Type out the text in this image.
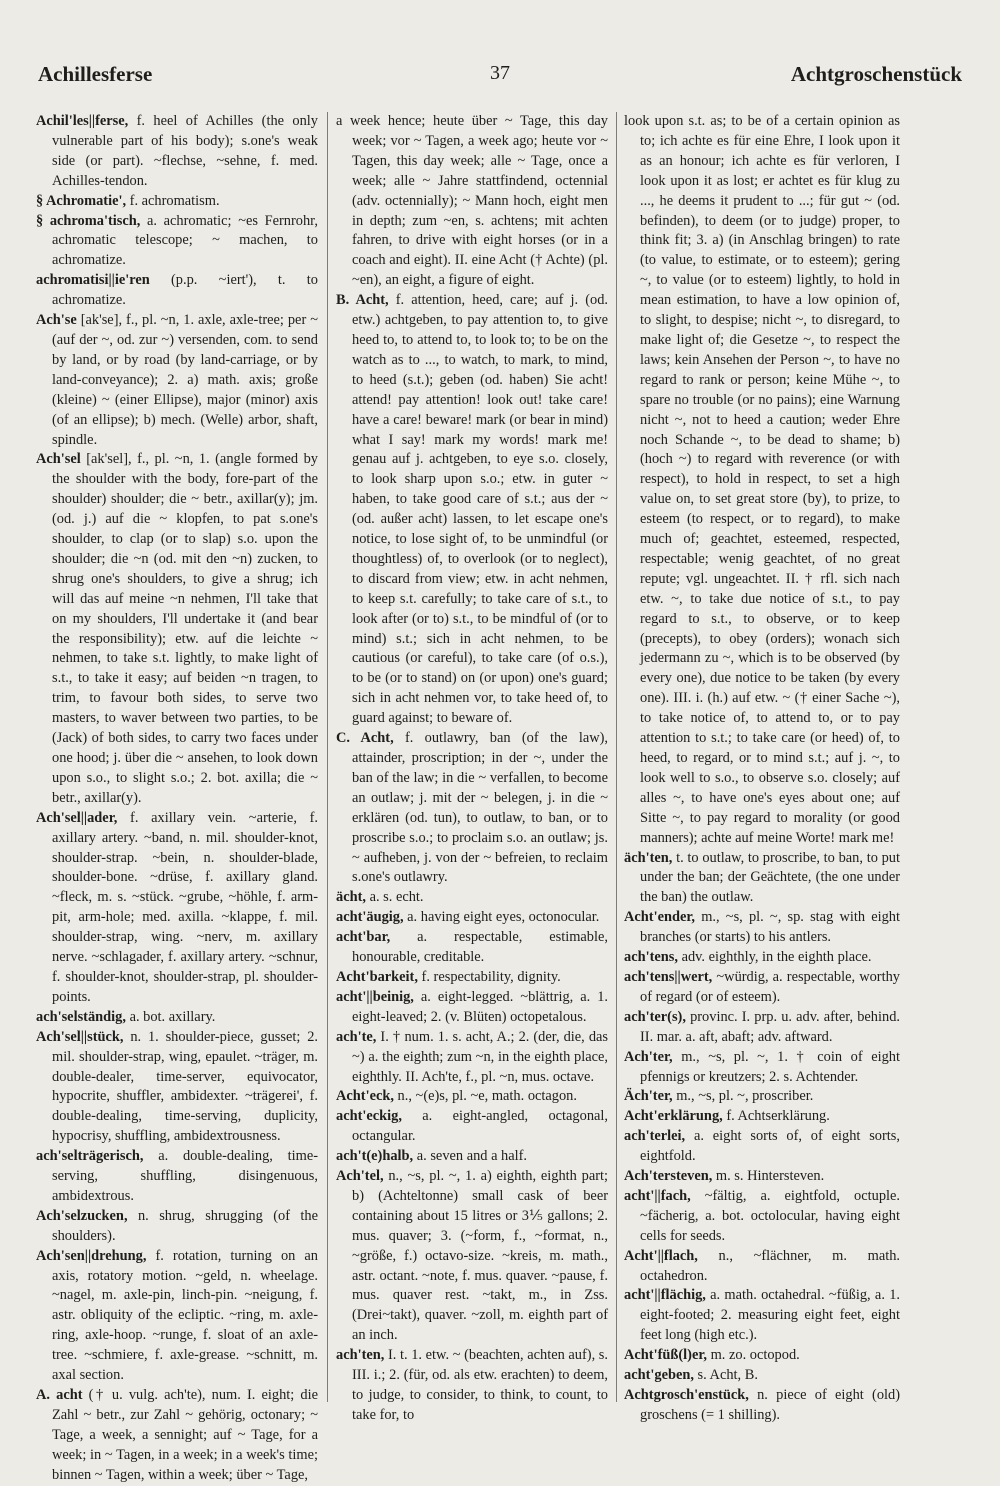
Achillesferse	37	Achtgroschenstück

Achil'les||ferse, f. heel of Achilles (the only vulnerable part of his body); s.one's weak side (or part). ~flechse, ~sehne, f. med. Achilles-tendon.

§ Achromatie', f. achromatism.

§ achroma'tisch, a. achromatic; ~es Fernrohr, achromatic telescope; ~ machen, to achromatize.

achromatisi||ie'ren (p.p. ~iert'), t. to achromatize.

Ach'se [ak'se], f., pl. ~n, 1. axle, axle-tree; per ~ (auf der ~, od. zur ~) versenden, com. to send by land, or by road (by land-carriage, or by land-conveyance); 2. a) math. axis; große (kleine) ~ (einer Ellipse), major (minor) axis (of an ellipse); b) mech. (Welle) arbor, shaft, spindle.

Ach'sel [ak'sel], f., pl. ~n, 1. (angle formed by the shoulder with the body, fore-part of the shoulder) shoulder; die ~ betr., axillar(y); jm. (od. j.) auf die ~ klopfen, to pat s.one's shoulder, to clap (or to slap) s.o. upon the shoulder; die ~n (od. mit den ~n) zucken, to shrug one's shoulders, to give a shrug; ich will das auf meine ~n nehmen, I'll take that on my shoulders, I'll undertake it (and bear the responsibility); etw. auf die leichte ~ nehmen, to take s.t. lightly, to make light of s.t., to take it easy; auf beiden ~n tragen, to trim, to favour both sides, to serve two masters, to waver between two parties, to be (Jack) of both sides, to carry two faces under one hood; j. über die ~ ansehen, to look down upon s.o., to slight s.o.; 2. bot. axilla; die ~ betr., axillar(y).

Ach'sel||ader, f. axillary vein. ~arterie, f. axillary artery. ~band, n. mil. shoulder-knot, shoulder-strap. ~bein, n. shoulder-blade, shoulder-bone. ~drüse, f. axillary gland. ~fleck, m. s. ~stück. ~grube, ~höhle, f. arm-pit, arm-hole; med. axilla. ~klappe, f. mil. shoulder-strap, wing. ~nerv, m. axillary nerve. ~schlagader, f. axillary artery. ~schnur, f. shoulder-knot, shoulder-strap, pl. shoulder-points.

ach'selständig, a. bot. axillary.

Ach'sel||stück, n. 1. shoulder-piece, gusset; 2. mil. shoulder-strap, wing, epaulet. ~träger, m. double-dealer, time-server, equivocator, hypocrite, shuffler, ambidexter. ~trägerei', f. double-dealing, time-serving, duplicity, hypocrisy, shuffling, ambidextrousness.

ach'selträgerisch, a. double-dealing, time-serving, shuffling, disingenuous, ambidextrous.

Ach'selzucken, n. shrug, shrugging (of the shoulders).

Ach'sen||drehung, f. rotation, turning on an axis, rotatory motion. ~geld, n. wheelage. ~nagel, m. axle-pin, linch-pin. ~neigung, f. astr. obliquity of the ecliptic. ~ring, m. axle-ring, axle-hoop. ~runge, f. sloat of an axle-tree. ~schmiere, f. axle-grease. ~schnitt, m. axal section.

A. acht († u. vulg. ach'te), num. I. eight; die Zahl ~ betr., zur Zahl ~ gehörig, octonary; ~ Tage, a week, a sennight; auf ~ Tage, for a week; in ~ Tagen, in a week; in a week's time; binnen ~ Tagen, within a week; über ~ Tage,

a week hence; heute über ~ Tage, this day week; vor ~ Tagen, a week ago; heute vor ~ Tagen, this day week; alle ~ Tage, once a week; alle ~ Jahre stattfindend, octennial (adv. octennially); ~ Mann hoch, eight men in depth; zum ~en, s. achtens; mit achten fahren, to drive with eight horses (or in a coach and eight). II. eine Acht († Achte) (pl. ~en), an eight, a figure of eight.

B. Acht, f. attention, heed, care; auf j. (od. etw.) achtgeben, to pay attention to, to give heed to, to attend to, to look to; to be on the watch as to ..., to watch, to mark, to mind, to heed (s.t.); geben (od. haben) Sie acht! attend! pay attention! look out! take care! have a care! beware! mark (or bear in mind) what I say! mark my words! mark me! genau auf j. achtgeben, to eye s.o. closely, to look sharp upon s.o.; etw. in guter ~ haben, to take good care of s.t.; aus der ~ (od. außer acht) lassen, to let escape one's notice, to lose sight of, to be unmindful (or thoughtless) of, to overlook (or to neglect), to discard from view; etw. in acht nehmen, to keep s.t. carefully; to take care of s.t., to look after (or to) s.t., to be mindful of (or to mind) s.t.; sich in acht nehmen, to be cautious (or careful), to take care (of o.s.), to be (or to stand) on (or upon) one's guard; sich in acht nehmen vor, to take heed of, to guard against; to beware of.

C. Acht, f. outlawry, ban (of the law), attainder, proscription; in der ~, under the ban of the law; in die ~ verfallen, to become an outlaw; j. mit der ~ belegen, j. in die ~ erklären (od. tun), to outlaw, to ban, or to proscribe s.o.; to proclaim s.o. an outlaw; js. ~ aufheben, j. von der ~ befreien, to reclaim s.one's outlawry.

ächt, a. s. echt.

acht'äugig, a. having eight eyes, octonocular.

acht'bar, a. respectable, estimable, honourable, creditable.

Acht'barkeit, f. respectability, dignity.

acht'||beinig, a. eight-legged. ~blättrig, a. 1. eight-leaved; 2. (v. Blüten) octopetalous.

ach'te, I. † num. 1. s. acht, A.; 2. (der, die, das ~) a. the eighth; zum ~n, in the eighth place, eighthly. II. Ach'te, f., pl. ~n, mus. octave.

Acht'eck, n., ~(e)s, pl. ~e, math. octagon.

acht'eckig, a. eight-angled, octagonal, octangular.

ach't(e)halb, a. seven and a half.

Ach'tel, n., ~s, pl. ~, 1. a) eighth, eighth part; b) (Achteltonne) small cask of beer containing about 15 litres or 3⅕ gallons; 2. mus. quaver; 3. (~form, f., ~format, n., ~größe, f.) octavo-size. ~kreis, m. math., astr. octant. ~note, f. mus. quaver. ~pause, f. mus. quaver rest. ~takt, m., in Zss. (Drei~takt), quaver. ~zoll, m. eighth part of an inch.

ach'ten, I. t. 1. etw. ~ (beachten, achten auf), s. III. i.; 2. (für, od. als etw. erachten) to deem, to judge, to consider, to think, to count, to take for, to

look upon s.t. as; to be of a certain opinion as to; ich achte es für eine Ehre, I look upon it as an honour; ich achte es für verloren, I look upon it as lost; er achtet es für klug zu ..., he deems it prudent to ...; für gut ~ (od. befinden), to deem (or to judge) proper, to think fit; 3. a) (in Anschlag bringen) to rate (to value, to estimate, or to esteem); gering ~, to value (or to esteem) lightly, to hold in mean estimation, to have a low opinion of, to slight, to despise; nicht ~, to disregard, to make light of; die Gesetze ~, to respect the laws; kein Ansehen der Person ~, to have no regard to rank or person; keine Mühe ~, to spare no trouble (or no pains); eine Warnung nicht ~, not to heed a caution; weder Ehre noch Schande ~, to be dead to shame; b) (hoch ~) to regard with reverence (or with respect), to hold in respect, to set a high value on, to set great store (by), to prize, to esteem (to respect, or to regard), to make much of; geachtet, esteemed, respected, respectable; wenig geachtet, of no great repute; vgl. ungeachtet. II. † rfl. sich nach etw. ~, to take due notice of s.t., to pay regard to s.t., to observe, or to keep (precepts), to obey (orders); wonach sich jedermann zu ~, which is to be observed (by every one), due notice to be taken (by every one). III. i. (h.) auf etw. ~ († einer Sache ~), to take notice of, to attend to, or to pay attention to s.t.; to take care (or heed) of, to heed, to regard, or to mind s.t.; auf j. ~, to look well to s.o., to observe s.o. closely; auf alles ~, to have one's eyes about one; auf Sitte ~, to pay regard to morality (or good manners); achte auf meine Worte! mark me!

äch'ten, t. to outlaw, to proscribe, to ban, to put under the ban; der Geächtete, (the one under the ban) the outlaw.

Acht'ender, m., ~s, pl. ~, sp. stag with eight branches (or starts) to his antlers.

ach'tens, adv. eighthly, in the eighth place.

ach'tens||wert, ~würdig, a. respectable, worthy of regard (or of esteem).

ach'ter(s), provinc. I. prp. u. adv. after, behind. II. mar. a. aft, abaft; adv. aftward.

Ach'ter, m., ~s, pl. ~, 1. † coin of eight pfennigs or kreutzers; 2. s. Achtender.

Äch'ter, m., ~s, pl. ~, proscriber.

Acht'erklärung, f. Achtserklärung.

ach'terlei, a. eight sorts of, of eight sorts, eightfold.

Ach'tersteven, m. s. Hintersteven.

acht'||fach, ~fältig, a. eightfold, octuple. ~fächerig, a. bot. octolocular, having eight cells for seeds.

Acht'||flach, n., ~flächner, m. math. octahedron.

acht'||flächig, a. math. octahedral. ~füßig, a. 1. eight-footed; 2. measuring eight feet, eight feet long (high etc.).

Acht'füß(l)er, m. zo. octopod.

acht'geben, s. Acht, B.

Achtgrosch'enstück, n. piece of eight (old) groschens (= 1 shilling).
